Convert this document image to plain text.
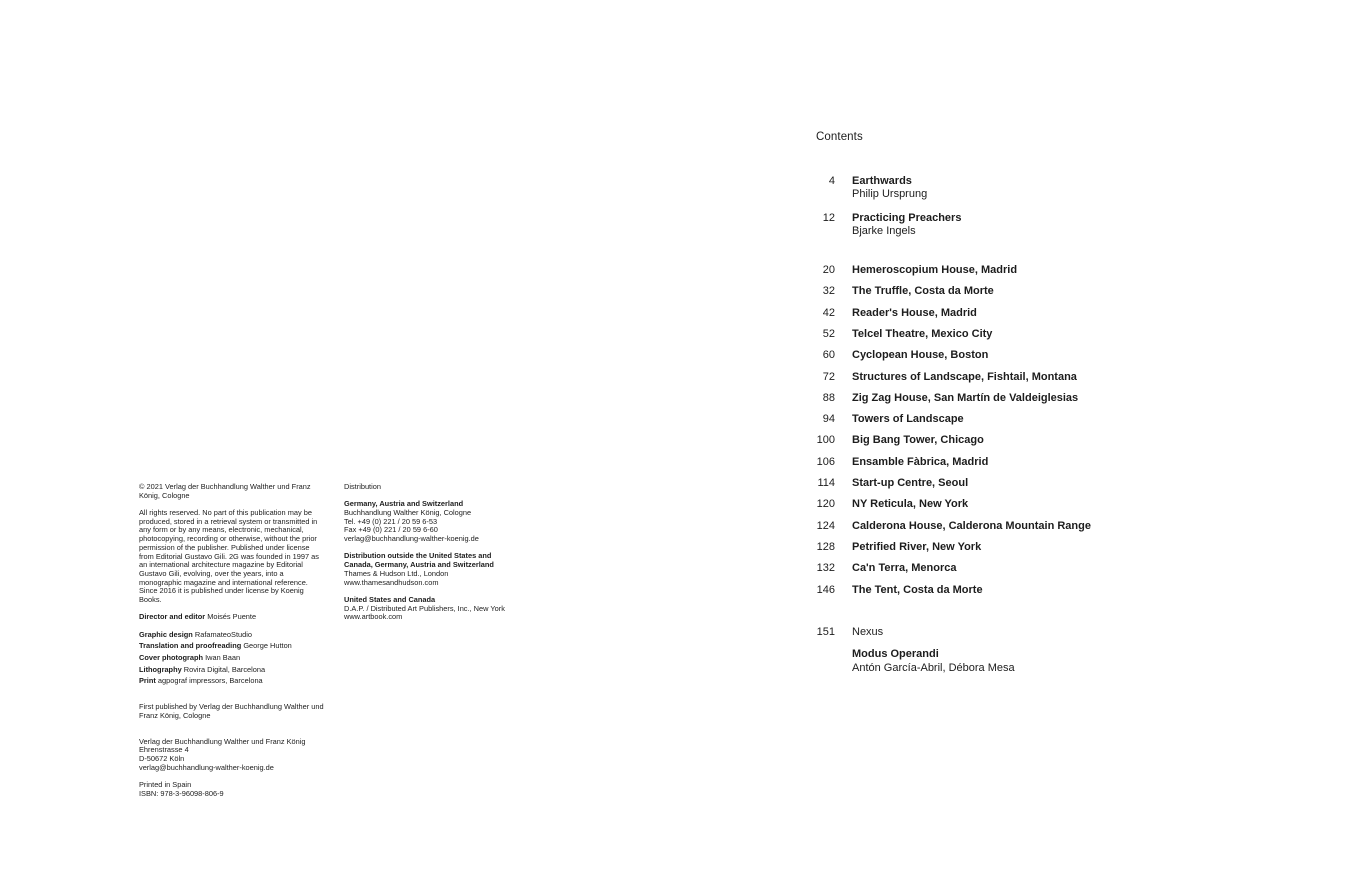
© 2021 Verlag der Buchhandlung Walther und Franz König, Cologne

All rights reserved. No part of this publication may be produced, stored in a retrieval system or transmitted in any form or by any means, electronic, mechanical, photocopying, recording or otherwise, without the prior permission of the publisher. Published under license from Editorial Gustavo Gili. 2G was founded in 1997 as an international architecture magazine by Editorial Gustavo Gili, evolving, over the years, into a monographic magazine and international reference. Since 2016 it is published under license by Koenig Books.

Director and editor Moisés Puente

Graphic design RafamateoStudio
Translation and proofreading George Hutton
Cover photograph Iwan Baan
Lithography Rovira Digital, Barcelona
Print agpograf impressors, Barcelona

First published by Verlag der Buchhandlung Walther und Franz König, Cologne

Verlag der Buchhandlung Walther und Franz König

Ehrenstrasse 4

D-50672 Köln

verlag@buchhandlung-walther-koenig.de

Printed in Spain

ISBN: 978-3-96098-806-9

Distribution

Germany, Austria and Switzerland

Buchhandlung Walther König, Cologne

Tel. +49 (0) 221 / 20 59 6-53

Fax +49 (0) 221 / 20 59 6-60

verlag@buchhandlung-walther-koenig.de

Distribution outside the United States and Canada, Germany, Austria and Switzerland

Thames & Hudson Ltd., London

www.thamesandhudson.com

United States and Canada

D.A.P. / Distributed Art Publishers, Inc., New York

www.artbook.com

Contents
4 Earthwards
Philip Ursprung
12 Practicing Preachers
Bjarke Ingels
20 Hemeroscopium House, Madrid
32 The Truffle, Costa da Morte
42 Reader's House, Madrid
52 Telcel Theatre, Mexico City
60 Cyclopean House, Boston
72 Structures of Landscape, Fishtail, Montana
88 Zig Zag House, San Martín de Valdeiglesias
94 Towers of Landscape
100 Big Bang Tower, Chicago
106 Ensamble Fàbrica, Madrid
114 Start-up Centre, Seoul
120 NY Reticula, New York
124 Calderona House, Calderona Mountain Range
128 Petrified River, New York
132 Ca'n Terra, Menorca
146 The Tent, Costa da Morte
151 Nexus
Modus Operandi
Antón García-Abril, Débora Mesa
